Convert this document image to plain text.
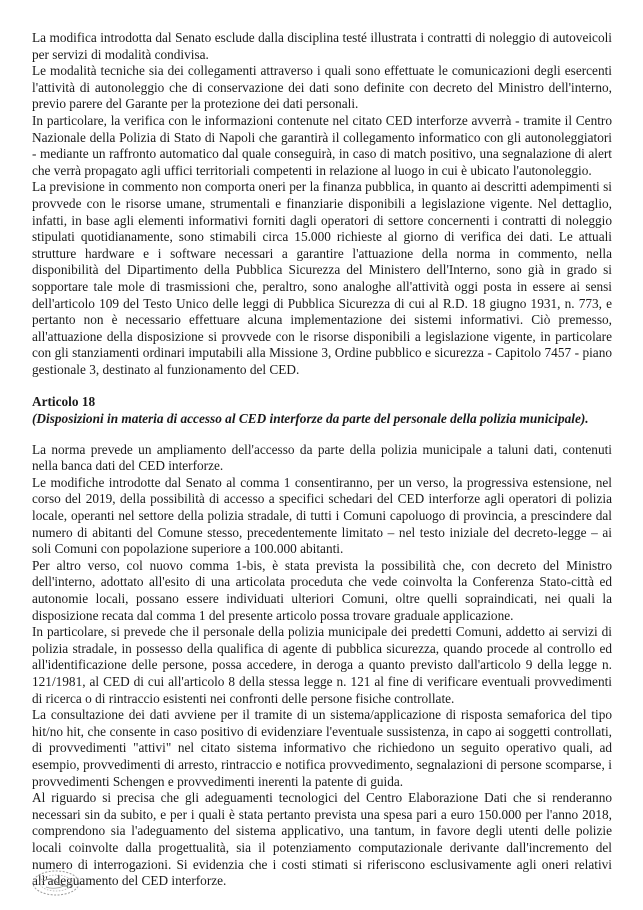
La modifica introdotta dal Senato esclude dalla disciplina testé illustrata i contratti di noleggio di autoveicoli per servizi di modalità condivisa.

Le modalità tecniche sia dei collegamenti attraverso i quali sono effettuate le comunicazioni degli esercenti l'attività di autonoleggio che di conservazione dei dati sono definite con decreto del Ministro dell'interno, previo parere del Garante per la protezione dei dati personali.

In particolare, la verifica con le informazioni contenute nel citato CED interforze avverrà - tramite il Centro Nazionale della Polizia di Stato di Napoli che garantirà il collegamento informatico con gli autonoleggiatori - mediante un raffronto automatico dal quale conseguirà, in caso di match positivo, una segnalazione di alert che verrà propagato agli uffici territoriali competenti in relazione al luogo in cui è ubicato l'autonoleggio.

La previsione in commento non comporta oneri per la finanza pubblica, in quanto ai descritti adempimenti si provvede con le risorse umane, strumentali e finanziarie disponibili a legislazione vigente. Nel dettaglio, infatti, in base agli elementi informativi forniti dagli operatori di settore concernenti i contratti di noleggio stipulati quotidianamente, sono stimabili circa 15.000 richieste al giorno di verifica dei dati. Le attuali strutture hardware e i software necessari a garantire l'attuazione della norma in commento, nella disponibilità del Dipartimento della Pubblica Sicurezza del Ministero dell'Interno, sono già in grado si sopportare tale mole di trasmissioni che, peraltro, sono analoghe all'attività oggi posta in essere ai sensi dell'articolo 109 del Testo Unico delle leggi di Pubblica Sicurezza di cui al R.D. 18 giugno 1931, n. 773, e pertanto non è necessario effettuare alcuna implementazione dei sistemi informativi. Ciò premesso, all'attuazione della disposizione si provvede con le risorse disponibili a legislazione vigente, in particolare con gli stanziamenti ordinari imputabili alla Missione 3, Ordine pubblico e sicurezza - Capitolo 7457 - piano gestionale 3, destinato al funzionamento del CED.

Articolo 18

(Disposizioni in materia di accesso al CED interforze da parte del personale della polizia municipale).

La norma prevede un ampliamento dell'accesso da parte della polizia municipale a taluni dati, contenuti nella banca dati del CED interforze.

Le modifiche introdotte dal Senato al comma 1 consentiranno, per un verso, la progressiva estensione, nel corso del 2019, della possibilità di accesso a specifici schedari del CED interforze agli operatori di polizia locale, operanti nel settore della polizia stradale, di tutti i Comuni capoluogo di provincia, a prescindere dal numero di abitanti del Comune stesso, precedentemente limitato – nel testo iniziale del decreto-legge – ai soli Comuni con popolazione superiore a 100.000 abitanti.

Per altro verso, col nuovo comma 1-bis, è stata prevista la possibilità che, con decreto del Ministro dell'interno, adottato all'esito di una articolata proceduta che vede coinvolta la Conferenza Stato-città ed autonomie locali, possano essere individuati ulteriori Comuni, oltre quelli sopraindicati, nei quali la disposizione recata dal comma 1 del presente articolo possa trovare graduale applicazione.

In particolare, si prevede che il personale della polizia municipale dei predetti Comuni, addetto ai servizi di polizia stradale, in possesso della qualifica di agente di pubblica sicurezza, quando procede al controllo ed all'identificazione delle persone, possa accedere, in deroga a quanto previsto dall'articolo 9 della legge n. 121/1981, al CED di cui all'articolo 8 della stessa legge n. 121 al fine di verificare eventuali provvedimenti di ricerca o di rintraccio esistenti nei confronti delle persone fisiche controllate.

La consultazione dei dati avviene per il tramite di un sistema/applicazione di risposta semaforica del tipo hit/no hit, che consente in caso positivo di evidenziare l'eventuale sussistenza, in capo ai soggetti controllati, di provvedimenti "attivi" nel citato sistema informativo che richiedono un seguito operativo quali, ad esempio, provvedimenti di arresto, rintraccio e notifica provvedimento, segnalazioni di persone scomparse, i provvedimenti Schengen e provvedimenti inerenti la patente di guida.

Al riguardo si precisa che gli adeguamenti tecnologici del Centro Elaborazione Dati che si renderanno necessari sin da subito, e per i quali è stata pertanto prevista una spesa pari a euro 150.000 per l'anno 2018, comprendono sia l'adeguamento del sistema applicativo, una tantum, in favore degli utenti delle polizie locali coinvolte dalla progettualità, sia il potenziamento computazionale derivante dall'incremento del numero di interrogazioni. Si evidenzia che i costi stimati si riferiscono esclusivamente agli oneri relativi all'adeguamento del CED interforze.
